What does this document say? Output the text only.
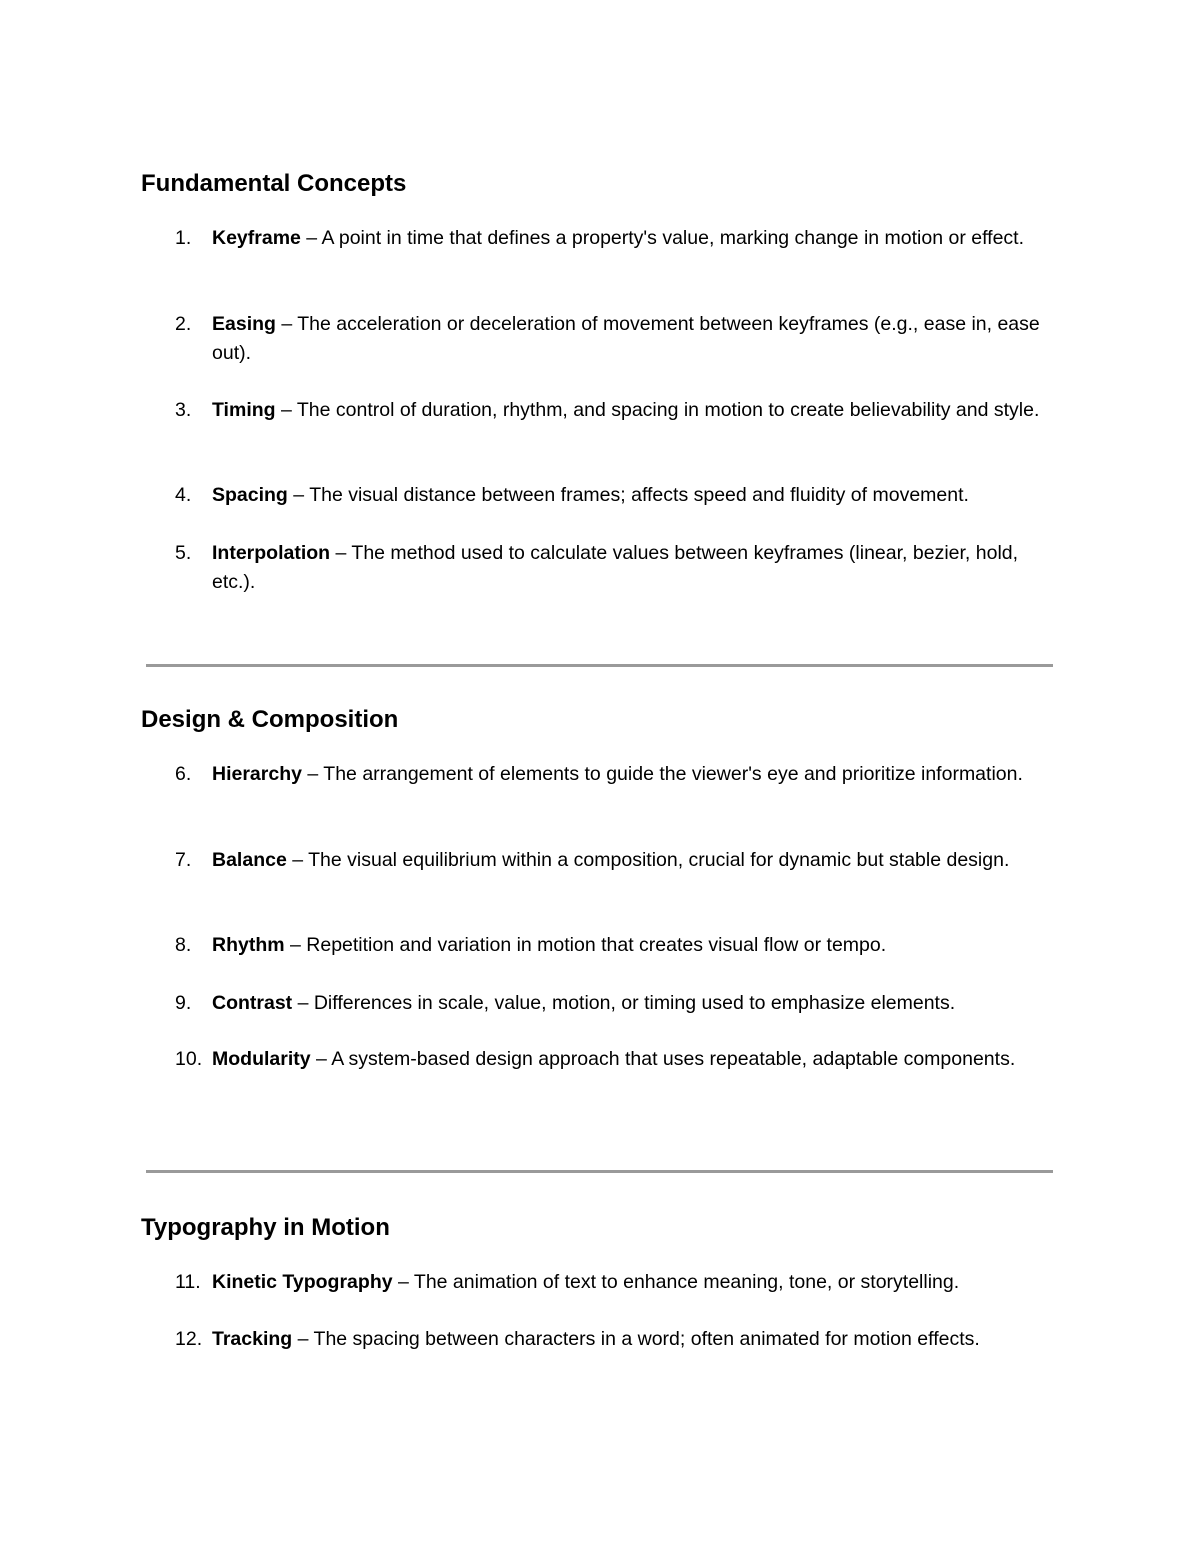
Fundamental Concepts
1.	Keyframe – A point in time that defines a property's value, marking change in motion or effect.
2.	Easing – The acceleration or deceleration of movement between keyframes (e.g., ease in, ease out).
3.	Timing – The control of duration, rhythm, and spacing in motion to create believability and style.
4.	Spacing – The visual distance between frames; affects speed and fluidity of movement.
5.	Interpolation – The method used to calculate values between keyframes (linear, bezier, hold, etc.).
Design & Composition
6.	Hierarchy – The arrangement of elements to guide the viewer's eye and prioritize information.
7.	Balance – The visual equilibrium within a composition, crucial for dynamic but stable design.
8.	Rhythm – Repetition and variation in motion that creates visual flow or tempo.
9.	Contrast – Differences in scale, value, motion, or timing used to emphasize elements.
10. Modularity – A system-based design approach that uses repeatable, adaptable components.
Typography in Motion
11. Kinetic Typography – The animation of text to enhance meaning, tone, or storytelling.
12. Tracking – The spacing between characters in a word; often animated for motion effects.
